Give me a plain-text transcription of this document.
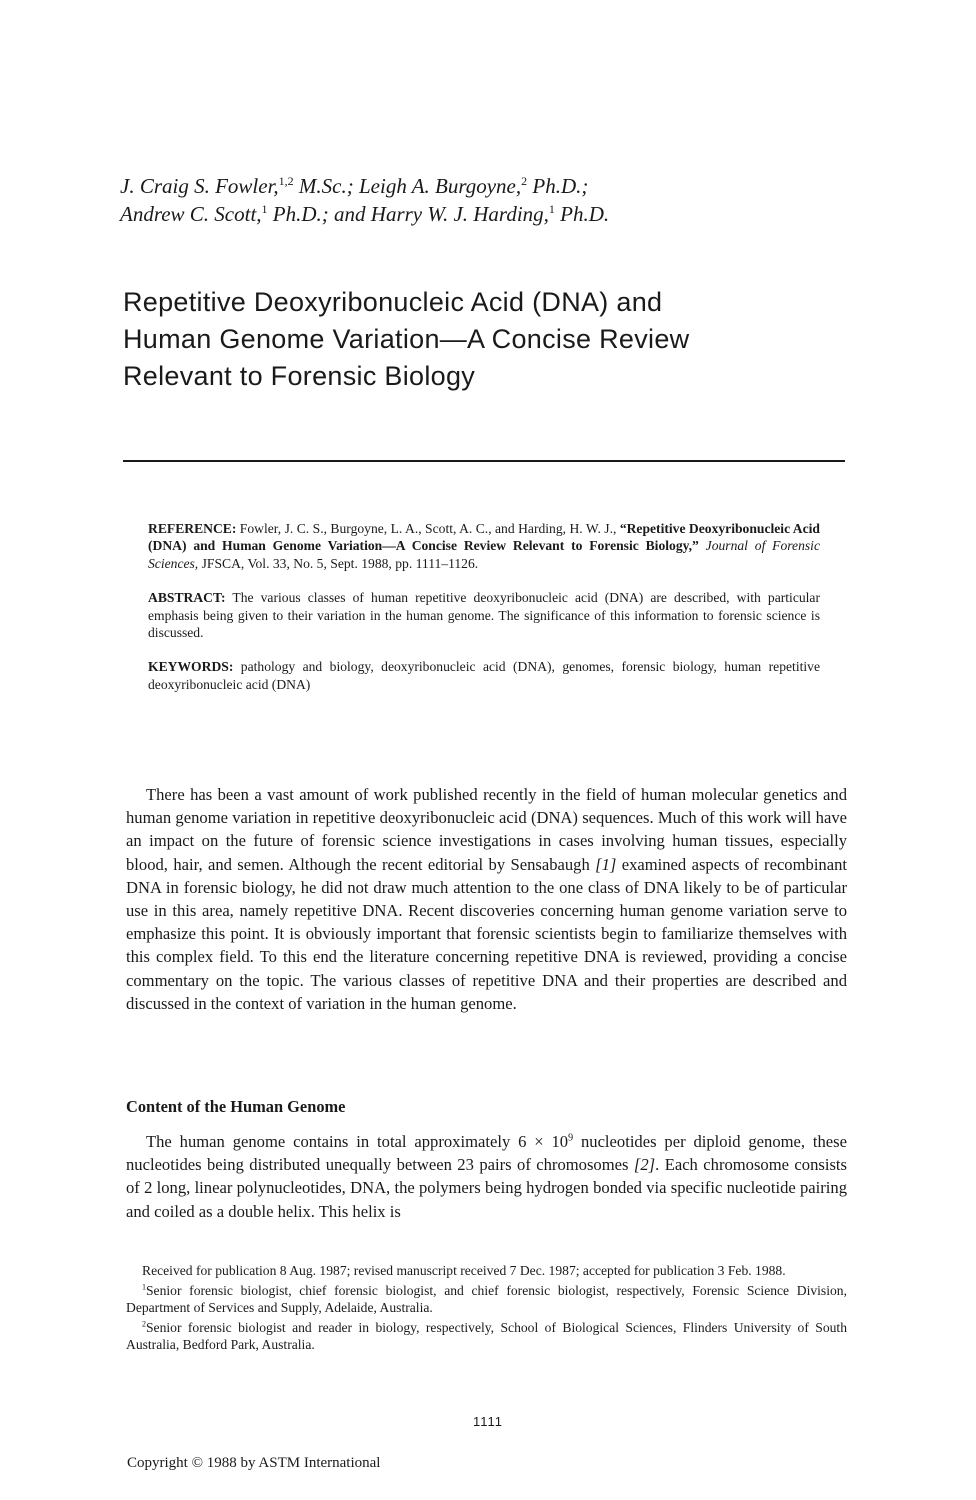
J. Craig S. Fowler,$^{1,2}$ M.Sc.; Leigh A. Burgoyne,$^2$ Ph.D.;
Andrew C. Scott,$^1$ Ph.D.; and Harry W. J. Harding,$^1$ Ph.D.
Repetitive Deoxyribonucleic Acid (DNA) and
Human Genome Variation—A Concise Review
Relevant to Forensic Biology

REFERENCE: Fowler, J. C. S., Burgoyne, L. A., Scott, A. C., and Harding, H. W. J., “Repetitive Deoxyribonucleic Acid (DNA) and Human Genome Variation—A Concise Review Relevant to Forensic Biology,” Journal of Forensic Sciences, JFSCA, Vol. 33, No. 5, Sept. 1988, pp. 1111–1126.

ABSTRACT: The various classes of human repetitive deoxyribonucleic acid (DNA) are described, with particular emphasis being given to their variation in the human genome. The significance of this information to forensic science is discussed.

KEYWORDS: pathology and biology, deoxyribonucleic acid (DNA), genomes, forensic biology, human repetitive deoxyribonucleic acid (DNA)

There has been a vast amount of work published recently in the field of human molecular genetics and human genome variation in repetitive deoxyribonucleic acid (DNA) sequences. Much of this work will have an impact on the future of forensic science investigations in cases involving human tissues, especially blood, hair, and semen. Although the recent editorial by Sensabaugh [1] examined aspects of recombinant DNA in forensic biology, he did not draw much attention to the one class of DNA likely to be of particular use in this area, namely repetitive DNA. Recent discoveries concerning human genome variation serve to emphasize this point. It is obviously important that forensic scientists begin to familiarize themselves with this complex field. To this end the literature concerning repetitive DNA is reviewed, providing a concise commentary on the topic. The various classes of repetitive DNA and their properties are described and discussed in the context of variation in the human genome.

Content of the Human Genome

The human genome contains in total approximately $6 \times 10^9$ nucleotides per diploid genome, these nucleotides being distributed unequally between 23 pairs of chromosomes [2]. Each chromosome consists of 2 long, linear polynucleotides, DNA, the polymers being hydrogen bonded via specific nucleotide pairing and coiled as a double helix. This helix is

Received for publication 8 Aug. 1987; revised manuscript received 7 Dec. 1987; accepted for publication 3 Feb. 1988.

$^1$Senior forensic biologist, chief forensic biologist, and chief forensic biologist, respectively, Forensic Science Division, Department of Services and Supply, Adelaide, Australia.

$^2$Senior forensic biologist and reader in biology, respectively, School of Biological Sciences, Flinders University of South Australia, Bedford Park, Australia.

1111
Copyright © 1988 by ASTM International
